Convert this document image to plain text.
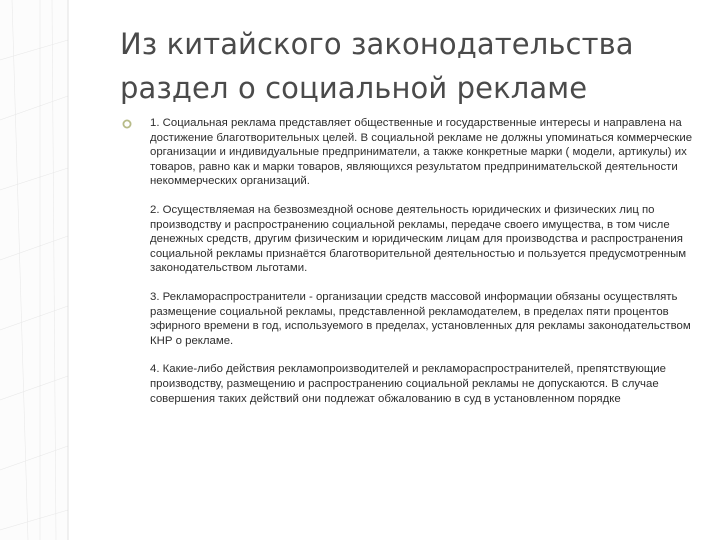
Из китайского законодательства
раздел о социальной рекламе

1. Социальная реклама представляет общественные и государственные интересы и направлена на достижение благотворительных целей. В социальной рекламе не должны упоминаться коммерческие организации и индивидуальные предприниматели, а также конкретные марки ( модели, артикулы) их товаров, равно как и марки товаров, являющихся результатом предпринимательской деятельности некоммерческих организаций.

2. Осуществляемая на безвозмездной основе деятельность юридических и физических лиц по производству и распространению социальной рекламы, передаче своего имущества, в том числе денежных средств, другим физическим и юридическим лицам для производства и распространения социальной рекламы признаётся благотворительной деятельностью и пользуется предусмотренным законодательством льготами.

3. Рекламораспространители - организации средств массовой информации обязаны осуществлять размещение социальной рекламы, представленной рекламодателем, в пределах пяти процентов эфирного времени в год, используемого в пределах, установленных для рекламы законодательством КНР о рекламе.

4. Какие-либо действия рекламопроизводителей и рекламораспространителей, препятствующие производству, размещению и распространению социальной рекламы не допускаются. В случае совершения таких действий они подлежат обжалованию в суд в установленном порядке
